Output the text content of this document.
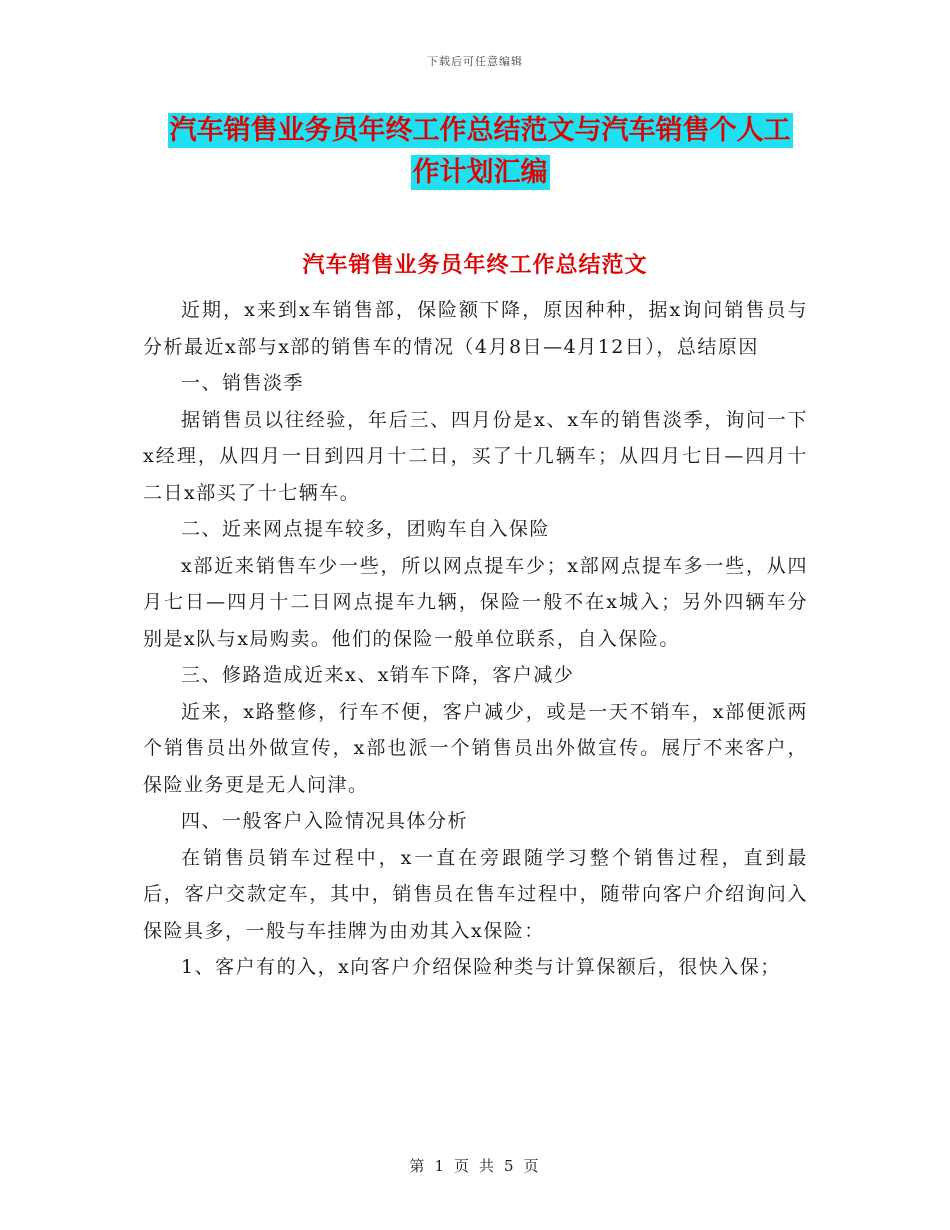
下载后可任意编辑
汽车销售业务员年终工作总结范文与汽车销售个人工
作计划汇编
汽车销售业务员年终工作总结范文

近期，x来到x车销售部，保险额下降，原因种种，据x询问销售员与分析最近x部与x部的销售车的情况（4月8日—4月12日），总结原因

一、销售淡季

据销售员以往经验，年后三、四月份是x、x车的销售淡季，询问一下x经理，从四月一日到四月十二日，买了十几辆车；从四月七日—四月十二日x部买了十七辆车。

二、近来网点提车较多，团购车自入保险

x部近来销售车少一些，所以网点提车少；x部网点提车多一些，从四月七日—四月十二日网点提车九辆，保险一般不在x城入；另外四辆车分别是x队与x局购卖。他们的保险一般单位联系，自入保险。

三、修路造成近来x、x销车下降，客户减少

近来，x路整修，行车不便，客户减少，或是一天不销车，x部便派两个销售员出外做宣传，x部也派一个销售员出外做宣传。展厅不来客户，保险业务更是无人问津。

四、一般客户入险情况具体分析

在销售员销车过程中，x一直在旁跟随学习整个销售过程，直到最后，客户交款定车，其中，销售员在售车过程中，随带向客户介绍询问入保险具多，一般与车挂牌为由劝其入x保险：

1、客户有的入，x向客户介绍保险种类与计算保额后，很快入保；

第 1 页 共 5 页
